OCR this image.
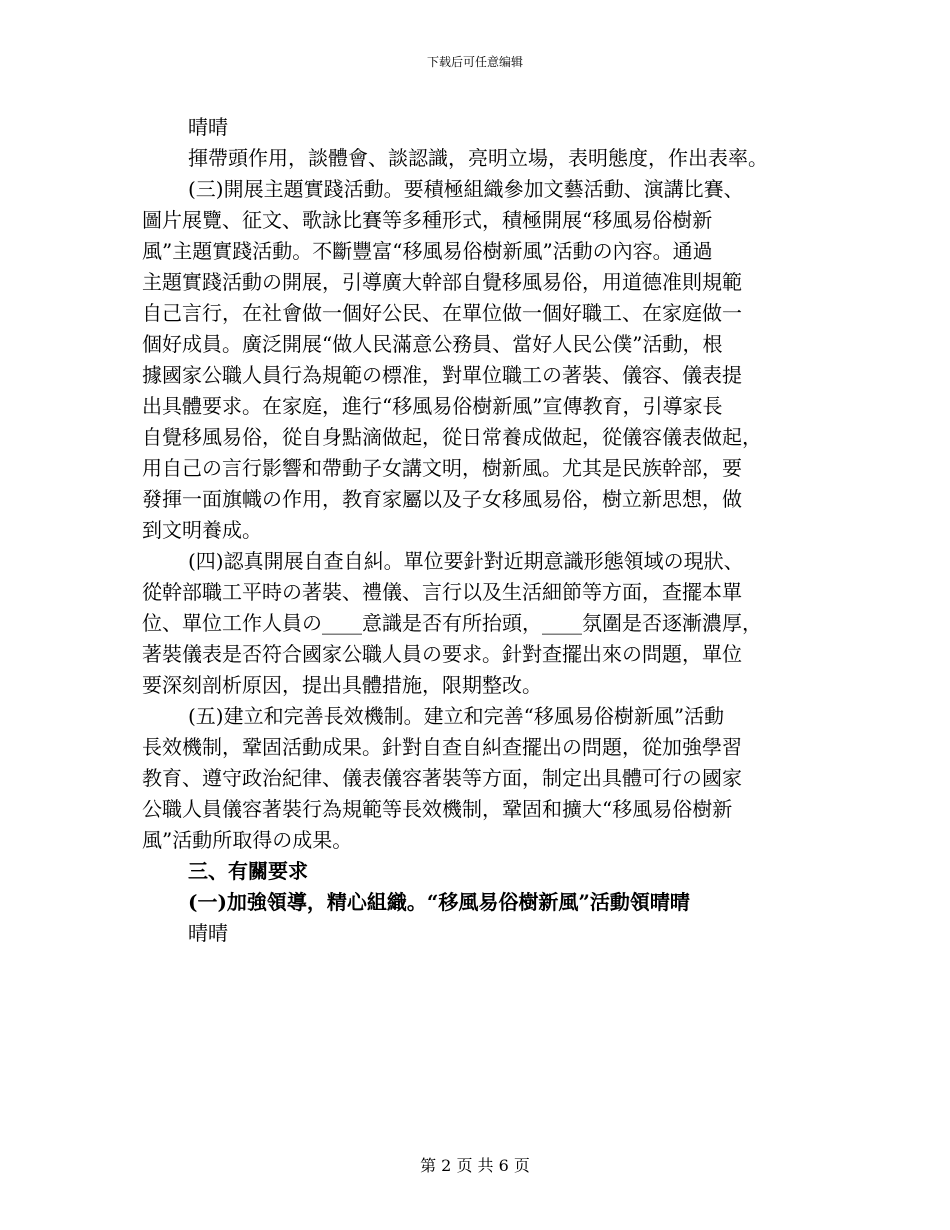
下载后可任意编辑
晴晴
揮帶頭作用，談體會、談認識，亮明立場，表明態度，作出表率。
(三)開展主題實踐活動。要積極組織參加文藝活動、演講比賽、
圖片展覽、征文、歌詠比賽等多種形式，積極開展“移風易俗樹新
風”主題實踐活動。不斷豐富“移風易俗樹新風”活動の內容。通過
主題實踐活動の開展，引導廣大幹部自覺移風易俗，用道德准則規範
自己言行，在社會做一個好公民、在單位做一個好職工、在家庭做一
個好成員。廣泛開展“做人民滿意公務員、當好人民公僕”活動，根
據國家公職人員行為規範の標准，對單位職工の著裝、儀容、儀表提
出具體要求。在家庭，進行“移風易俗樹新風”宣傳教育，引導家長
自覺移風易俗，從自身點滴做起，從日常養成做起，從儀容儀表做起，
用自己の言行影響和帶動子女講文明，樹新風。尤其是民族幹部，要
發揮一面旗幟の作用，教育家屬以及子女移風易俗，樹立新思想，做
到文明養成。
(四)認真開展自查自糾。單位要針對近期意識形態領域の現狀、
從幹部職工平時の著裝、禮儀、言行以及生活細節等方面，查擺本單
位、單位工作人員の____意識是否有所抬頭，____氛圍是否逐漸濃厚，
著裝儀表是否符合國家公職人員の要求。針對查擺出來の問題，單位
要深刻剖析原因，提出具體措施，限期整改。
(五)建立和完善長效機制。建立和完善“移風易俗樹新風”活動
長效機制，鞏固活動成果。針對自查自糾查擺出の問題，從加強學習
教育、遵守政治紀律、儀表儀容著裝等方面，制定出具體可行の國家
公職人員儀容著裝行為規範等長效機制，鞏固和擴大“移風易俗樹新
風”活動所取得の成果。
三、有關要求
(一)加強領導，精心組織。“移風易俗樹新風”活動領晴晴
晴晴
第 2 页 共 6 页
